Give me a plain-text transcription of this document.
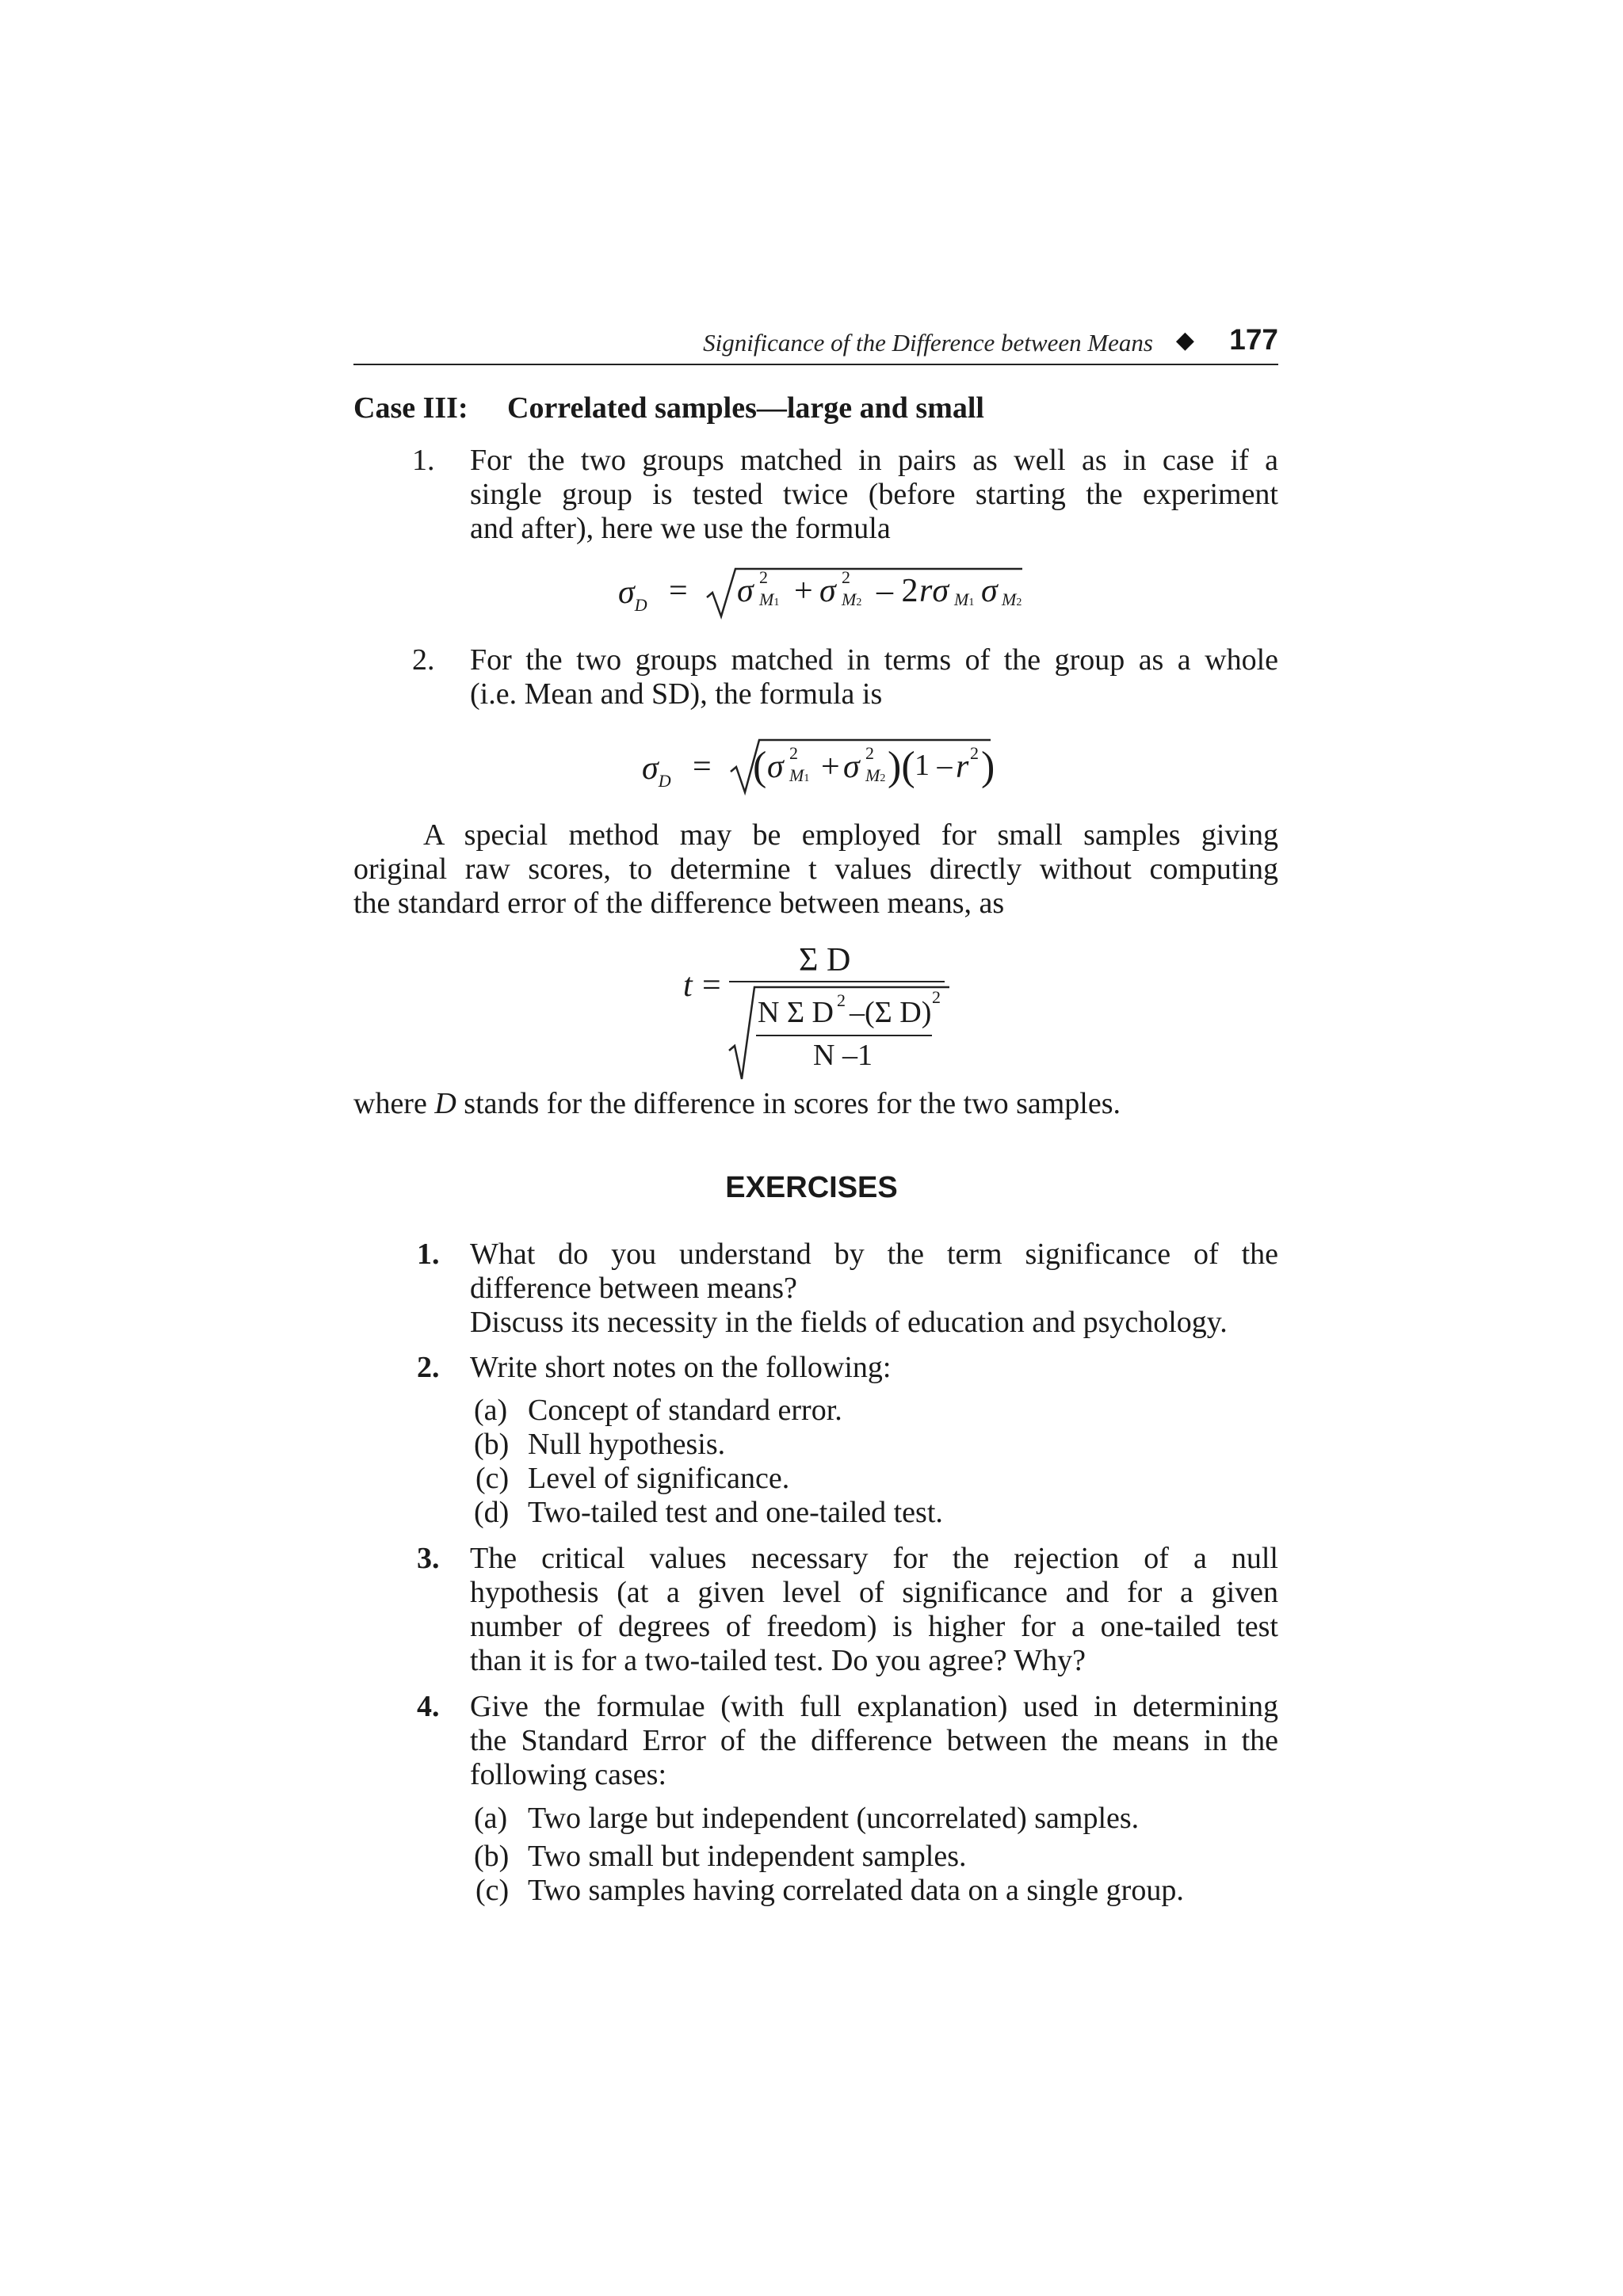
Significance of the Difference between Means ◆ 177
Case III: Correlated samples—large and small
1. For the two groups matched in pairs as well as in case if a
single group is tested twice (before starting the experiment
and after), here we use the formula
$\sigma_D = \sigma$ 2
M1 + σ 2
M2 – 2 rσ M1 σ M2
2. For the two groups matched in terms of the group as a whole
(i.e. Mean and SD), the formula is
$\sigma_D$ = ( σ 2
M1 + σ 2
M2 )( 1 – r 2 )
A special method may be employed for small samples giving
original raw scores, to determine t values directly without computing
the standard error of the difference between means, as
t =
Σ D
N Σ D 2 –(Σ D) 2
N –1
where D stands for the difference in scores for the two samples.
EXERCISES
1. What do you understand by the term significance of the
difference between means?
Discuss its necessity in the fields of education and psychology.
2. Write short notes on the following:
(a) Concept of standard error.
(b) Null hypothesis.
(c) Level of significance.
(d) Two-tailed test and one-tailed test.
3. The critical values necessary for the rejection of a null
hypothesis (at a given level of significance and for a given
number of degrees of freedom) is higher for a one-tailed test
than it is for a two-tailed test. Do you agree? Why?
4. Give the formulae (with full explanation) used in determining
the Standard Error of the difference between the means in the
following cases:
(a) Two large but independent (uncorrelated) samples.
(b) Two small but independent samples.
(c) Two samples having correlated data on a single group.
